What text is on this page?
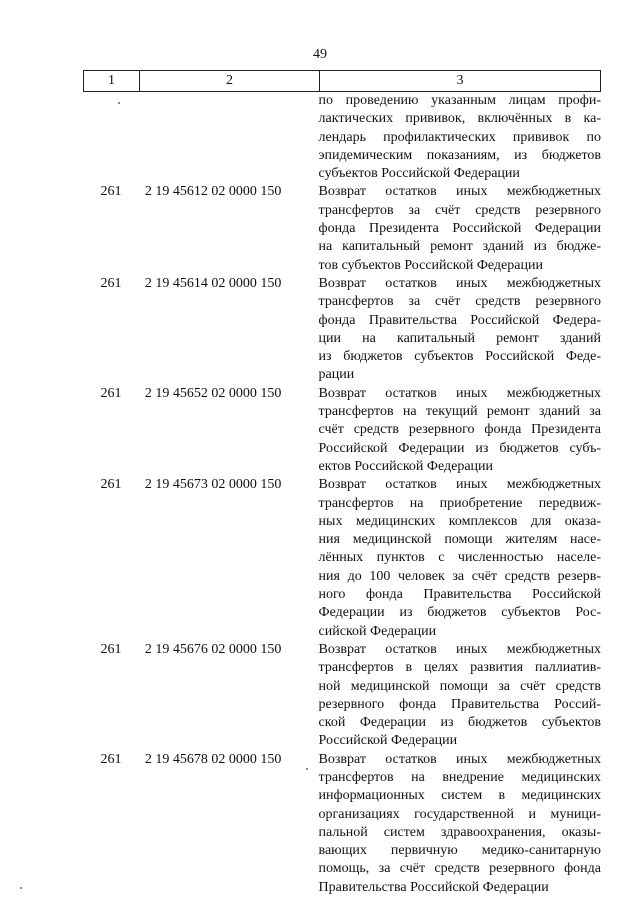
49
1	2	3
по проведению указанным лицам профи-
лактических прививок, включённых в ка-
лендарь профилактических прививок по
эпидемическим показаниям, из бюджетов
субъектов Российской Федерации
261	2 19 45612 02 0000 150	Возврат остатков иных межбюджетных
трансфертов за счёт средств резервного
фонда Президента Российской Федерации
на капитальный ремонт зданий из бюдже-
тов субъектов Российской Федерации
261	2 19 45614 02 0000 150	Возврат остатков иных межбюджетных
трансфертов за счёт средств резервного
фонда Правительства Российской Федера-
ции на капитальный ремонт зданий
из бюджетов субъектов Российской Феде-
рации
261	2 19 45652 02 0000 150	Возврат остатков иных межбюджетных
трансфертов на текущий ремонт зданий за
счёт средств резервного фонда Президента
Российской Федерации из бюджетов субъ-
ектов Российской Федерации
261	2 19 45673 02 0000 150	Возврат остатков иных межбюджетных
трансфертов на приобретение передвиж-
ных медицинских комплексов для оказа-
ния медицинской помощи жителям насе-
лённых пунктов с численностью населе-
ния до 100 человек за счёт средств резерв-
ного фонда Правительства Российской
Федерации из бюджетов субъектов Рос-
сийской Федерации
261	2 19 45676 02 0000 150	Возврат остатков иных межбюджетных
трансфертов в целях развития паллиатив-
ной медицинской помощи за счёт средств
резервного фонда Правительства Россий-
ской Федерации из бюджетов субъектов
Российской Федерации
261	2 19 45678 02 0000 150	Возврат остатков иных межбюджетных
трансфертов на внедрение медицинских
информационных систем в медицинских
организациях государственной и муници-
пальной систем здравоохранения, оказы-
вающих первичную медико-санитарную
помощь, за счёт средств резервного фонда
Правительства Российской Федерации
